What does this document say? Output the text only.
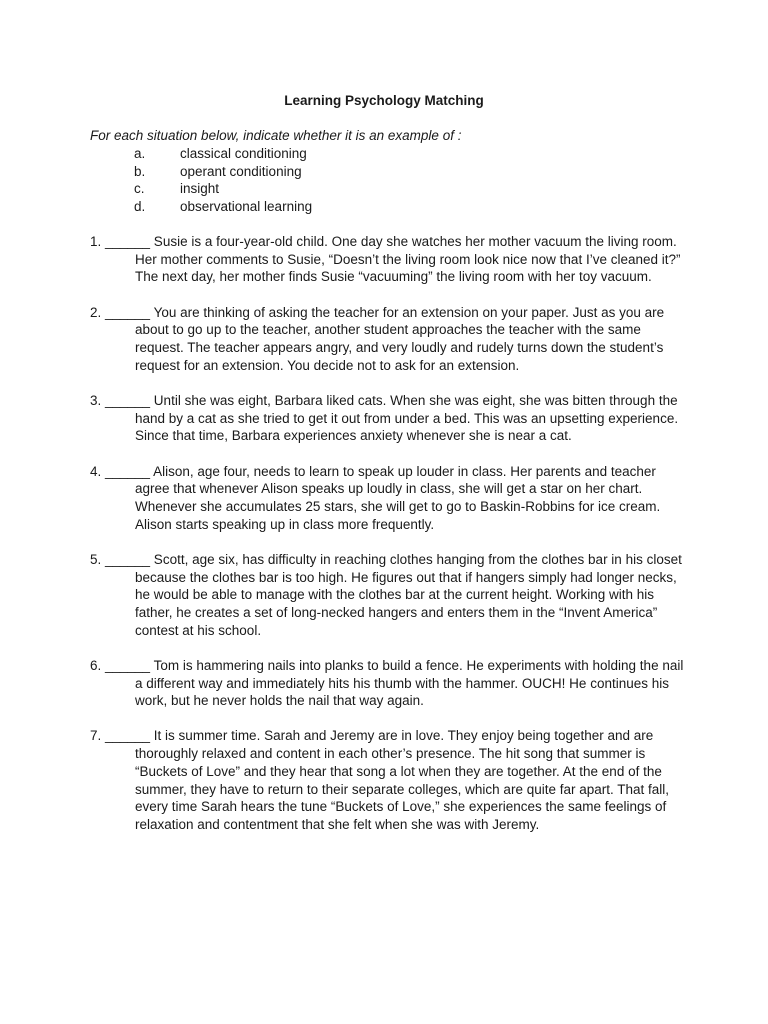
Learning Psychology Matching
For each situation below, indicate whether it is an example of :
a.	classical conditioning
b.	operant conditioning
c.	insight
d.	observational learning

1. ______ Susie is a four-year-old child. One day she watches her mother vacuum the living room. Her mother comments to Susie, “Doesn’t the living room look nice now that I’ve cleaned it?” The next day, her mother finds Susie “vacuuming” the living room with her toy vacuum.

2. ______ You are thinking of asking the teacher for an extension on your paper. Just as you are about to go up to the teacher, another student approaches the teacher with the same request. The teacher appears angry, and very loudly and rudely turns down the student’s request for an extension. You decide not to ask for an extension.

3. ______ Until she was eight, Barbara liked cats. When she was eight, she was bitten through the hand by a cat as she tried to get it out from under a bed. This was an upsetting experience. Since that time, Barbara experiences anxiety whenever she is near a cat.

4. ______ Alison, age four, needs to learn to speak up louder in class. Her parents and teacher agree that whenever Alison speaks up loudly in class, she will get a star on her chart. Whenever she accumulates 25 stars, she will get to go to Baskin-Robbins for ice cream. Alison starts speaking up in class more frequently.

5. ______ Scott, age six, has difficulty in reaching clothes hanging from the clothes bar in his closet because the clothes bar is too high. He figures out that if hangers simply had longer necks, he would be able to manage with the clothes bar at the current height. Working with his father, he creates a set of long-necked hangers and enters them in the “Invent America” contest at his school.

6. ______ Tom is hammering nails into planks to build a fence. He experiments with holding the nail a different way and immediately hits his thumb with the hammer. OUCH! He continues his work, but he never holds the nail that way again.

7. ______ It is summer time. Sarah and Jeremy are in love. They enjoy being together and are thoroughly relaxed and content in each other’s presence. The hit song that summer is “Buckets of Love” and they hear that song a lot when they are together. At the end of the summer, they have to return to their separate colleges, which are quite far apart. That fall, every time Sarah hears the tune “Buckets of Love,” she experiences the same feelings of relaxation and contentment that she felt when she was with Jeremy.
